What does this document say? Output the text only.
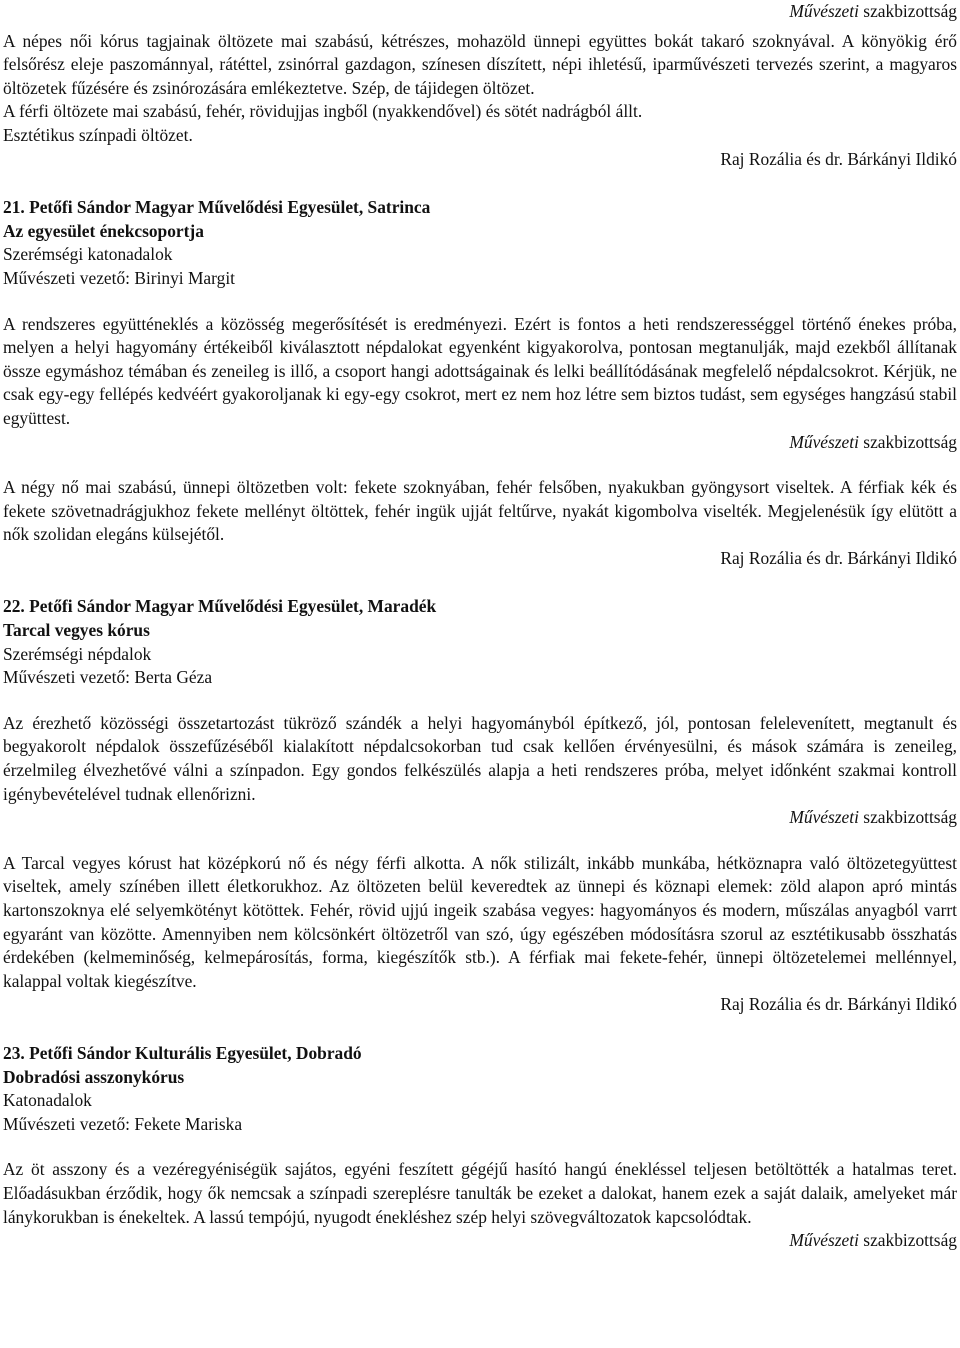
Művészeti szakbizottság

A népes női kórus tagjainak öltözete mai szabású, kétrészes, mohazöld ünnepi együttes bokát takaró szoknyával. A könyökig érő felsőrész eleje paszománnyal, rátéttel, zsinórral gazdagon, színesen díszített, népi ihletésű, iparművészeti tervezés szerint, a magyaros öltözetek fűzésére és zsinórozására emlékeztetve. Szép, de tájidegen öltözet.

A férfi öltözete mai szabású, fehér, rövidujjas ingből (nyakkendővel) és sötét nadrágból állt.

Esztétikus színpadi öltözet.

Raj Rozália és dr. Bárkányi Ildikó

21. Petőfi Sándor Magyar Művelődési Egyesület, Satrinca

Az egyesület énekcsoportja

Szerémségi katonadalok

Művészeti vezető: Birinyi Margit

A rendszeres együtténeklés a közösség megerősítését is eredményezi. Ezért is fontos a heti rendszerességgel történő énekes próba, melyen a helyi hagyomány értékeiből kiválasztott népdalokat egyenként kigyakorolva, pontosan megtanulják, majd ezekből állítanak össze egymáshoz témában és zeneileg is illő, a csoport hangi adottságainak és lelki beállítódásának megfelelő népdalcsokrot. Kérjük, ne csak egy-egy fellépés kedvéért gyakoroljanak ki egy-egy csokrot, mert ez nem hoz létre sem biztos tudást, sem egységes hangzású stabil együttest.

Művészeti szakbizottság

A négy nő mai szabású, ünnepi öltözetben volt: fekete szoknyában, fehér felsőben, nyakukban gyöngysort viseltek. A férfiak kék és fekete szövetnadrágjukhoz fekete mellényt öltöttek, fehér ingük ujját feltűrve, nyakát kigombolva viselték. Megjelenésük így elütött a nők szolidan elegáns külsejétől.

Raj Rozália és dr. Bárkányi Ildikó

22. Petőfi Sándor Magyar Művelődési Egyesület, Maradék

Tarcal vegyes kórus

Szerémségi népdalok

Művészeti vezető: Berta Géza

Az érezhető közösségi összetartozást tükröző szándék a helyi hagyományból építkező, jól, pontosan felelevenített, megtanult és begyakorolt népdalok összefűzéséből kialakított népdalcsokorban tud csak kellően érvényesülni, és mások számára is zeneileg, érzelmileg élvezhetővé válni a színpadon. Egy gondos felkészülés alapja a heti rendszeres próba, melyet időnként szakmai kontroll igénybevételével tudnak ellenőrizni.

Művészeti szakbizottság

A Tarcal vegyes kórust hat középkorú nő és négy férfi alkotta. A nők stilizált, inkább munkába, hétköznapra való öltözetegyüttest viseltek, amely színében illett életkorukhoz. Az öltözeten belül keveredtek az ünnepi és köznapi elemek: zöld alapon apró mintás kartonszoknya elé selyemkötényt kötöttek. Fehér, rövid ujjú ingeik szabása vegyes: hagyományos és modern, műszálas anyagból varrt egyaránt van közötte. Amennyiben nem kölcsönkért öltözetről van szó, úgy egészében módosításra szorul az esztétikusabb összhatás érdekében (kelmeminőség, kelmepárosítás, forma, kiegészítők stb.). A férfiak mai fekete-fehér, ünnepi öltözetelemei mellénnyel, kalappal voltak kiegészítve.

Raj Rozália és dr. Bárkányi Ildikó

23. Petőfi Sándor Kulturális Egyesület, Dobradó

Dobradósi asszonykórus

Katonadalok

Művészeti vezető: Fekete Mariska

Az öt asszony és a vezéregyéniségük sajátos, egyéni feszített gégéjű hasító hangú énekléssel teljesen betöltötték a hatalmas teret. Előadásukban érződik, hogy ők nemcsak a színpadi szereplésre tanulták be ezeket a dalokat, hanem ezek a saját dalaik, amelyeket már lánykorukban is énekeltek. A lassú tempójú, nyugodt énekléshez szép helyi szövegváltozatok kapcsolódtak.

Művészeti szakbizottság
